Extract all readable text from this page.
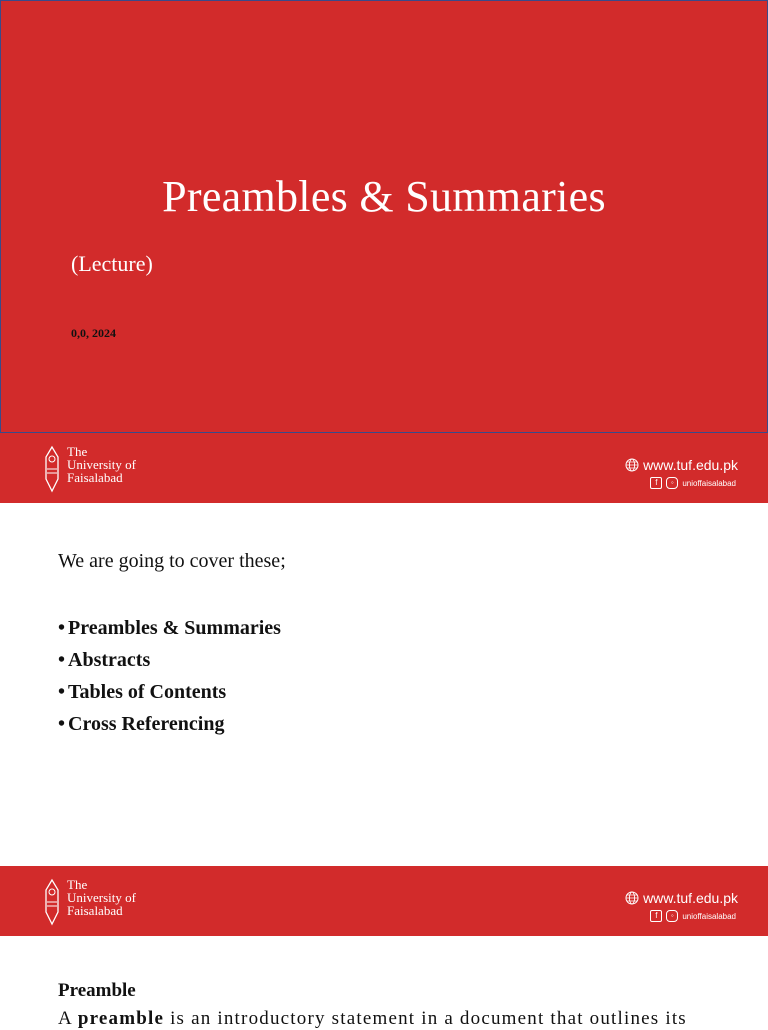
Preambles & Summaries
(Lecture)
0,0, 2024
The
University of
Faisalabad
www.tuf.edu.pk
f	◦	unioffaisalabad
We are going to cover these;
• Preambles & Summaries
• Abstracts
• Tables of Contents
• Cross Referencing
The
University of
Faisalabad
www.tuf.edu.pk
f	◦	unioffaisalabad
Preamble
A preamble is an introductory statement in a document that outlines its
